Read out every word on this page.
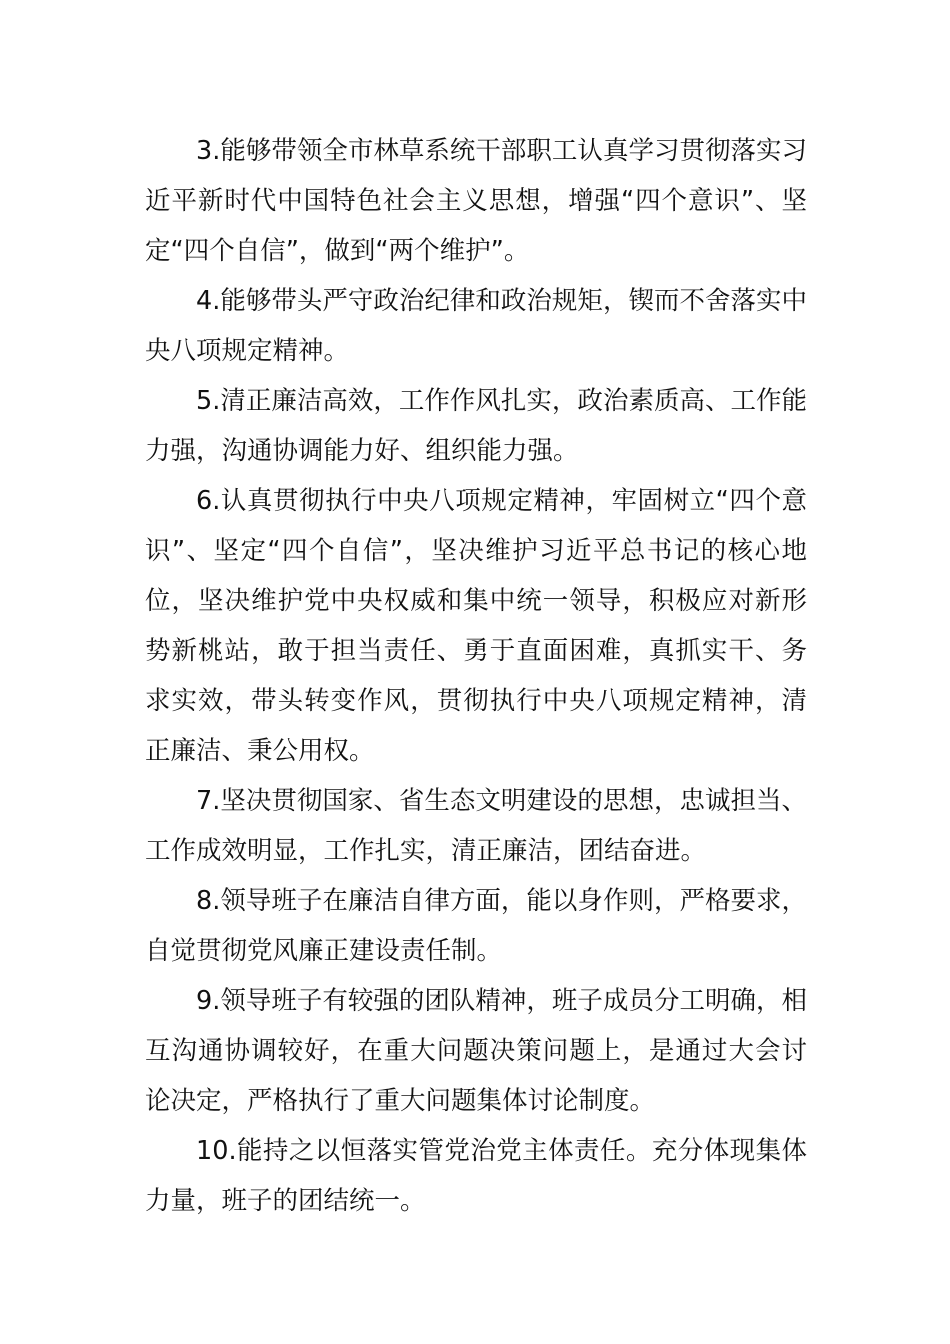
3.能够带领全市林草系统干部职工认真学习贯彻落实习近平新时代中国特色社会主义思想，增强“四个意识”、坚定“四个自信”，做到“两个维护”。

4.能够带头严守政治纪律和政治规矩，锲而不舍落实中央八项规定精神。

5.清正廉洁高效，工作作风扎实，政治素质高、工作能力强，沟通协调能力好、组织能力强。

6.认真贯彻执行中央八项规定精神，牢固树立“四个意识”、坚定“四个自信”，坚决维护习近平总书记的核心地位，坚决维护党中央权威和集中统一领导，积极应对新形势新桃站，敢于担当责任、勇于直面困难，真抓实干、务求实效，带头转变作风，贯彻执行中央八项规定精神，清正廉洁、秉公用权。

7.坚决贯彻国家、省生态文明建设的思想，忠诚担当、工作成效明显，工作扎实，清正廉洁，团结奋进。

8.领导班子在廉洁自律方面，能以身作则，严格要求，自觉贯彻党风廉正建设责任制。

9.领导班子有较强的团队精神，班子成员分工明确，相互沟通协调较好，在重大问题决策问题上，是通过大会讨论决定，严格执行了重大问题集体讨论制度。

10.能持之以恒落实管党治党主体责任。充分体现集体力量，班子的团结统一。
